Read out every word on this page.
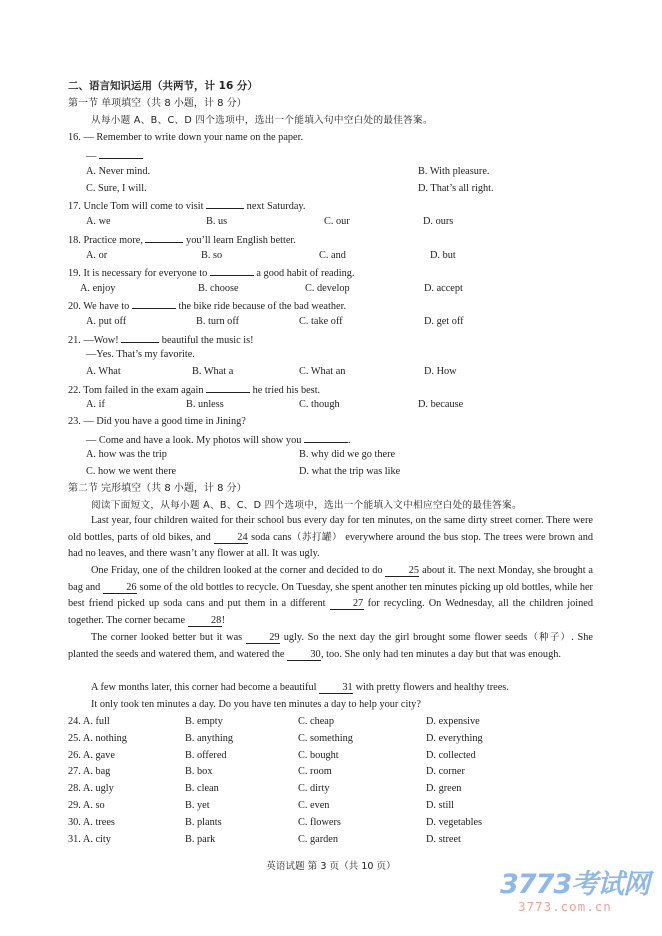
二、语言知识运用（共两节，计 16 分）
第一节 单项填空（共 8 小题，计 8 分）
从每小题 A、B、C、D 四个选项中，选出一个能填入句中空白处的最佳答案。
16. — Remember to write down your name on the paper.
—
A. Never mind.	B. With pleasure.
C. Sure, I will.	D. That’s all right.
17. Uncle Tom will come to visit	next Saturday.
A. we	B. us	C. our	D. ours
18. Practice more,	you’ll learn English better.
A. or	B. so	C. and	D. but
19. It is necessary for everyone to	a good habit of reading.
A. enjoy	B. choose	C. develop	D. accept
20. We have to	the bike ride because of the bad weather.
A. put off	B. turn off	C. take off	D. get off
21. —Wow!	beautiful the music is!
—Yes. That’s my favorite.
A. What	B. What a	C. What an	D. How
22. Tom failed in the exam again	he tried his best.
A. if	B. unless	C. though	D. because
23. — Did you have a good time in Jining?
— Come and have a look. My photos will show you	.
A. how was the trip	B. why did we go there
C. how we went there	D. what the trip was like
第二节 完形填空（共 8 小题，计 8 分）
阅读下面短文，从每小题 A、B、C、D 四个选项中，选出一个能填入文中相应空白处的最佳答案。
Last year, four children waited for their school bus every day for ten minutes, on the same dirty street corner. There were old bottles, parts of old bikes, and 24 soda cans（苏打罐） everywhere around the bus stop. The trees were brown and had no leaves, and there wasn’t any flower at all. It was ugly.
One Friday, one of the children looked at the corner and decided to do 25 about it. The next Monday, she brought a bag and 26 some of the old bottles to recycle. On Tuesday, she spent another ten minutes picking up old bottles, while her best friend picked up soda cans and put them in a different 27 for recycling. On Wednesday, all the children joined together. The corner became 28!
The corner looked better but it was 29 ugly. So the next day the girl brought some flower seeds（种子）. She planted the seeds and watered them, and watered the 30, too. She only had ten minutes a day but that was enough.
A few months later, this corner had become a beautiful 31 with pretty flowers and healthy trees.
It only took ten minutes a day. Do you have ten minutes a day to help your city?
24. A. full	B. empty	C. cheap	D. expensive
25. A. nothing	B. anything	C. something	D. everything
26. A. gave	B. offered	C. bought	D. collected
27. A. bag	B. box	C. room	D. corner
28. A. ugly	B. clean	C. dirty	D. green
29. A. so	B. yet	C. even	D. still
30. A. trees	B. plants	C. flowers	D. vegetables
31. A. city	B. park	C. garden	D. street
英语试题 第 3 页（共 10 页）
3773考试网
3773.com.cn
